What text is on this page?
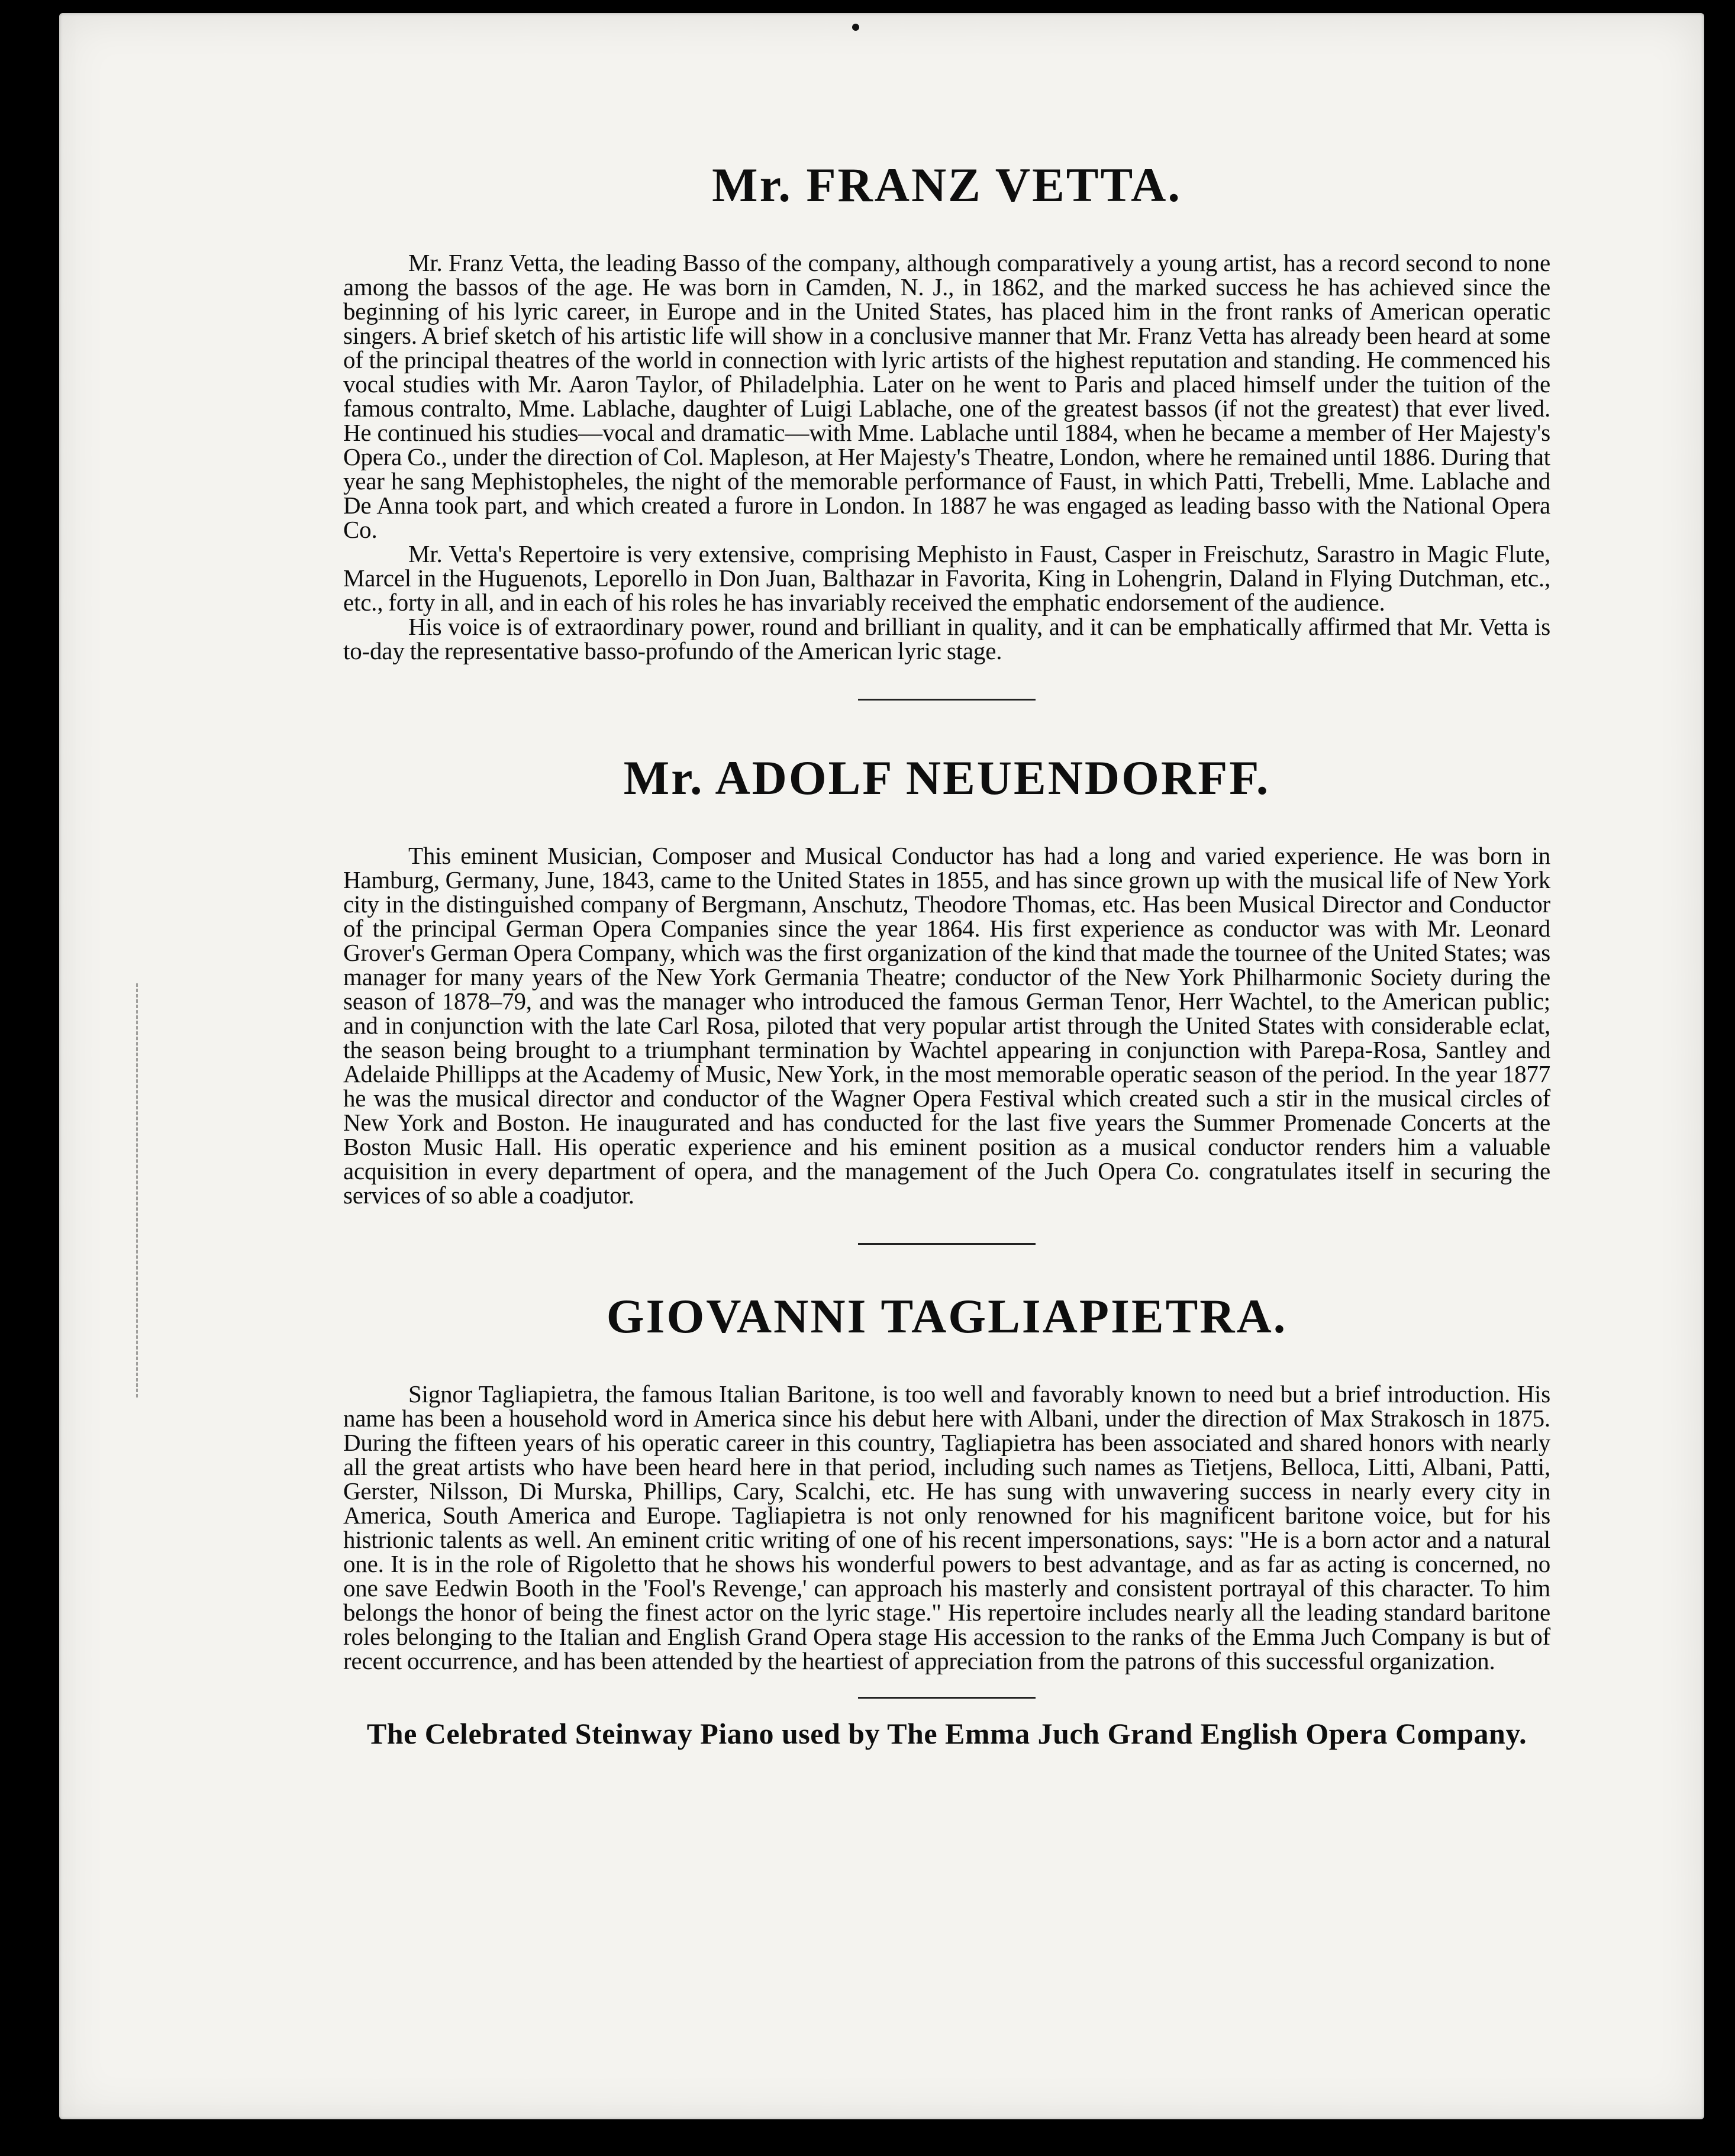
Mr. FRANZ VETTA.

Mr. Franz Vetta, the leading Basso of the company, although comparatively a young artist, has a record second to none among the bassos of the age. He was born in Camden, N. J., in 1862, and the marked success he has achieved since the beginning of his lyric career, in Europe and in the United States, has placed him in the front ranks of American operatic singers. A brief sketch of his artistic life will show in a conclusive manner that Mr. Franz Vetta has already been heard at some of the principal theatres of the world in connection with lyric artists of the highest reputation and standing. He commenced his vocal studies with Mr. Aaron Taylor, of Philadelphia. Later on he went to Paris and placed himself under the tuition of the famous contralto, Mme. Lablache, daughter of Luigi Lablache, one of the greatest bassos (if not the greatest) that ever lived. He continued his studies—vocal and dramatic—with Mme. Lablache until 1884, when he became a member of Her Majesty's Opera Co., under the direction of Col. Mapleson, at Her Majesty's Theatre, London, where he remained until 1886. During that year he sang Mephistopheles, the night of the memorable performance of Faust, in which Patti, Trebelli, Mme. Lablache and De Anna took part, and which created a furore in London. In 1887 he was engaged as leading basso with the National Opera Co.

Mr. Vetta's Repertoire is very extensive, comprising Mephisto in Faust, Casper in Freischutz, Sarastro in Magic Flute, Marcel in the Huguenots, Leporello in Don Juan, Balthazar in Favorita, King in Lohengrin, Daland in Flying Dutchman, etc., etc., forty in all, and in each of his roles he has invariably received the emphatic endorsement of the audience.

His voice is of extraordinary power, round and brilliant in quality, and it can be emphatically affirmed that Mr. Vetta is to-day the representative basso-profundo of the American lyric stage.

Mr. ADOLF NEUENDORFF.

This eminent Musician, Composer and Musical Conductor has had a long and varied experience. He was born in Hamburg, Germany, June, 1843, came to the United States in 1855, and has since grown up with the musical life of New York city in the distinguished company of Bergmann, Anschutz, Theodore Thomas, etc. Has been Musical Director and Conductor of the principal German Opera Companies since the year 1864. His first experience as conductor was with Mr. Leonard Grover's German Opera Company, which was the first organization of the kind that made the tournee of the United States; was manager for many years of the New York Germania Theatre; conductor of the New York Philharmonic Society during the season of 1878–79, and was the manager who introduced the famous German Tenor, Herr Wachtel, to the American public; and in conjunction with the late Carl Rosa, piloted that very popular artist through the United States with considerable eclat, the season being brought to a triumphant termination by Wachtel appearing in conjunction with Parepa-Rosa, Santley and Adelaide Phillipps at the Academy of Music, New York, in the most memorable operatic season of the period. In the year 1877 he was the musical director and conductor of the Wagner Opera Festival which created such a stir in the musical circles of New York and Boston. He inaugurated and has conducted for the last five years the Summer Promenade Concerts at the Boston Music Hall. His operatic experience and his eminent position as a musical conductor renders him a valuable acquisition in every department of opera, and the management of the Juch Opera Co. congratulates itself in securing the services of so able a coadjutor.

GIOVANNI TAGLIAPIETRA.

Signor Tagliapietra, the famous Italian Baritone, is too well and favorably known to need but a brief introduction. His name has been a household word in America since his debut here with Albani, under the direction of Max Strakosch in 1875. During the fifteen years of his operatic career in this country, Tagliapietra has been associated and shared honors with nearly all the great artists who have been heard here in that period, including such names as Tietjens, Belloca, Litti, Albani, Patti, Gerster, Nilsson, Di Murska, Phillips, Cary, Scalchi, etc. He has sung with unwavering success in nearly every city in America, South America and Europe. Tagliapietra is not only renowned for his magnificent baritone voice, but for his histrionic talents as well. An eminent critic writing of one of his recent impersonations, says: "He is a born actor and a natural one. It is in the role of Rigoletto that he shows his wonderful powers to best advantage, and as far as acting is concerned, no one save Eedwin Booth in the 'Fool's Revenge,' can approach his masterly and consistent portrayal of this character. To him belongs the honor of being the finest actor on the lyric stage." His repertoire includes nearly all the leading standard baritone roles belonging to the Italian and English Grand Opera stage His accession to the ranks of the Emma Juch Company is but of recent occurrence, and has been attended by the heartiest of appreciation from the patrons of this successful organization.

The Celebrated Steinway Piano used by The Emma Juch Grand English Opera Company.
